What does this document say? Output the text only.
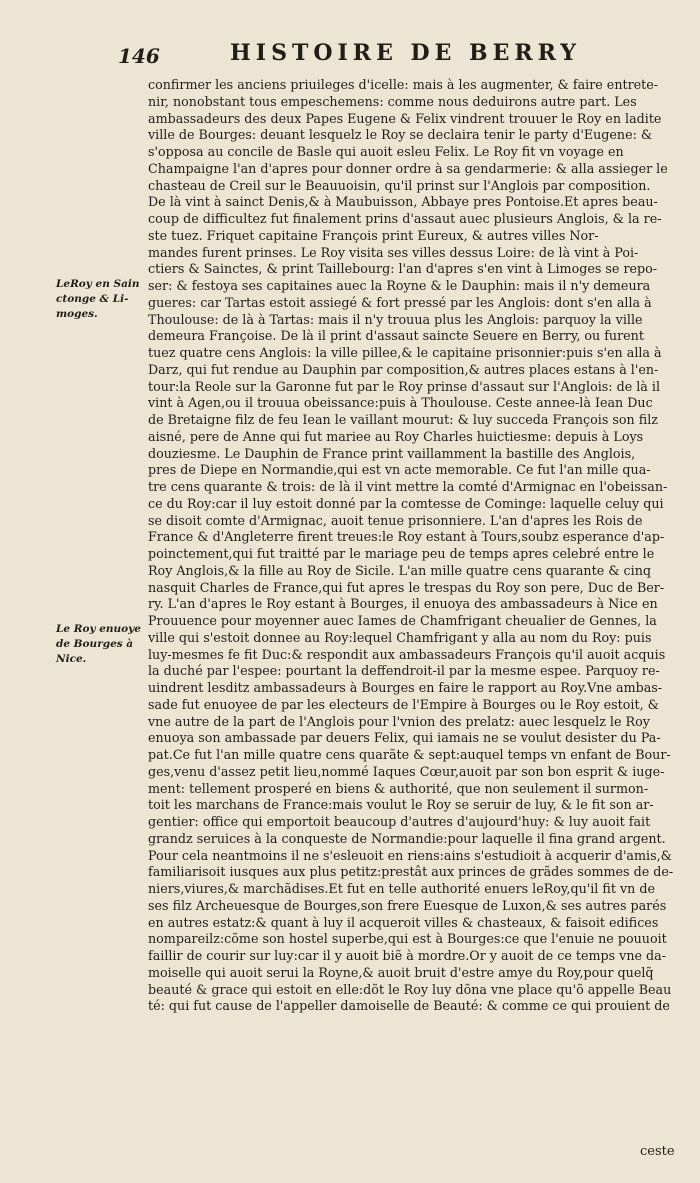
146	HISTOIRE DE BERRY
LeRoy en Sain
ctonge & Li-
moges.
Le Roy enuoye
de Bourges à
Nice.
confirmer les anciens priuileges d'icelle: mais à les augmenter, & faire entrete-
nir, nonobstant tous empeschemens: comme nous deduirons autre part. Les
ambassadeurs des deux Papes Eugene & Felix vindrent trouuer le Roy en ladite
ville de Bourges: deuant lesquelz le Roy se declaira tenir le party d'Eugene: &
s'opposa au concile de Basle qui auoit esleu Felix. Le Roy fit vn voyage en
Champaigne l'an d'apres pour donner ordre à sa gendarmerie: & alla assieger le
chasteau de Creil sur le Beauuoisin, qu'il prinst sur l'Anglois par composition.
De là vint à sainct Denis,& à Maubuisson, Abbaye pres Pontoise.Et apres beau-
coup de difficultez fut finalement prins d'assaut auec plusieurs Anglois, & la re-
ste tuez. Friquet capitaine François print Eureux, & autres villes Nor-
mandes furent prinses. Le Roy visita ses villes dessus Loire: de là vint à Poi-
ctiers & Sainctes, & print Taillebourg: l'an d'apres s'en vint à Limoges se repo-
ser: & festoya ses capitaines auec la Royne & le Dauphin: mais il n'y demeura
gueres: car Tartas estoit assiegé & fort pressé par les Anglois: dont s'en alla à
Thoulouse: de là à Tartas: mais il n'y trouua plus les Anglois: parquoy la ville
demeura Françoise. De là il print d'assaut saincte Seuere en Berry, ou furent
tuez quatre cens Anglois: la ville pillee,& le capitaine prisonnier:puis s'en alla à
Darz, qui fut rendue au Dauphin par composition,& autres places estans à l'en-
tour:la Reole sur la Garonne fut par le Roy prinse d'assaut sur l'Anglois: de là il
vint à Agen,ou il trouua obeissance:puis à Thoulouse. Ceste annee-là Iean Duc
de Bretaigne filz de feu Iean le vaillant mourut: & luy succeda François son filz
aisné, pere de Anne qui fut mariee au Roy Charles huictiesme: depuis à Loys
douziesme. Le Dauphin de France print vaillamment la bastille des Anglois,
pres de Diepe en Normandie,qui est vn acte memorable. Ce fut l'an mille qua-
tre cens quarante & trois: de là il vint mettre la comté d'Armignac en l'obeissan-
ce du Roy:car il luy estoit donné par la comtesse de Cominge: laquelle celuy qui
se disoit comte d'Armignac, auoit tenue prisonniere. L'an d'apres les Rois de
France & d'Angleterre firent treues:le Roy estant à Tours,soubz esperance d'ap-
poinctement,qui fut traitté par le mariage peu de temps apres celebré entre le
Roy Anglois,& la fille au Roy de Sicile. L'an mille quatre cens quarante & cinq
nasquit Charles de France,qui fut apres le trespas du Roy son pere, Duc de Ber-
ry. L'an d'apres le Roy estant à Bourges, il enuoya des ambassadeurs à Nice en
Prouuence pour moyenner auec Iames de Chamfrigant cheualier de Gennes, la
ville qui s'estoit donnee au Roy:lequel Chamfrigant y alla au nom du Roy: puis
luy-mesmes fe fit Duc:& respondit aux ambassadeurs François qu'il auoit acquis
la duché par l'espee: pourtant la deffendroit-il par la mesme espee. Parquoy re-
uindrent lesditz ambassadeurs à Bourges en faire le rapport au Roy.Vne ambas-
sade fut enuoyee de par les electeurs de l'Empire à Bourges ou le Roy estoit, &
vne autre de la part de l'Anglois pour l'vnion des prelatz: auec lesquelz le Roy
enuoya son ambassade par deuers Felix, qui iamais ne se voulut desister du Pa-
pat.Ce fut l'an mille quatre cens quarãte & sept:auquel temps vn enfant de Bour-
ges,venu d'assez petit lieu,nommé Iaques Cœur,auoit par son bon esprit & iuge-
ment: tellement prosperé en biens & authorité, que non seulement il surmon-
toit les marchans de France:mais voulut le Roy se seruir de luy, & le fit son ar-
gentier: office qui emportoit beaucoup d'autres d'aujourd'huy: & luy auoit fait
grandz seruices à la conqueste de Normandie:pour laquelle il fina grand argent.
Pour cela neantmoins il ne s'esleuoit en riens:ains s'estudioit à acquerir d'amis,&
familiarisoit iusques aux plus petitz:prestât aux princes de grãdes sommes de de-
niers,viures,& marchãdises.Et fut en telle authorité enuers leRoy,qu'il fit vn de
ses filz Archeuesque de Bourges,son frere Euesque de Luxon,& ses autres parés
en autres estatz:& quant à luy il acqueroit villes & chasteaux, & faisoit edifices
nompareilz:cõme son hostel superbe,qui est à Bourges:ce que l'enuie ne pouuoit
faillir de courir sur luy:car il y auoit biẽ à mordre.Or y auoit de ce temps vne da-
moiselle qui auoit serui la Royne,& auoit bruit d'estre amye du Roy,pour quelq̃
beauté & grace qui estoit en elle:dõt le Roy luy dõna vne place qu'õ appelle Beau
té: qui fut cause de l'appeller damoiselle de Beauté: & comme ce qui prouient de
ceste
